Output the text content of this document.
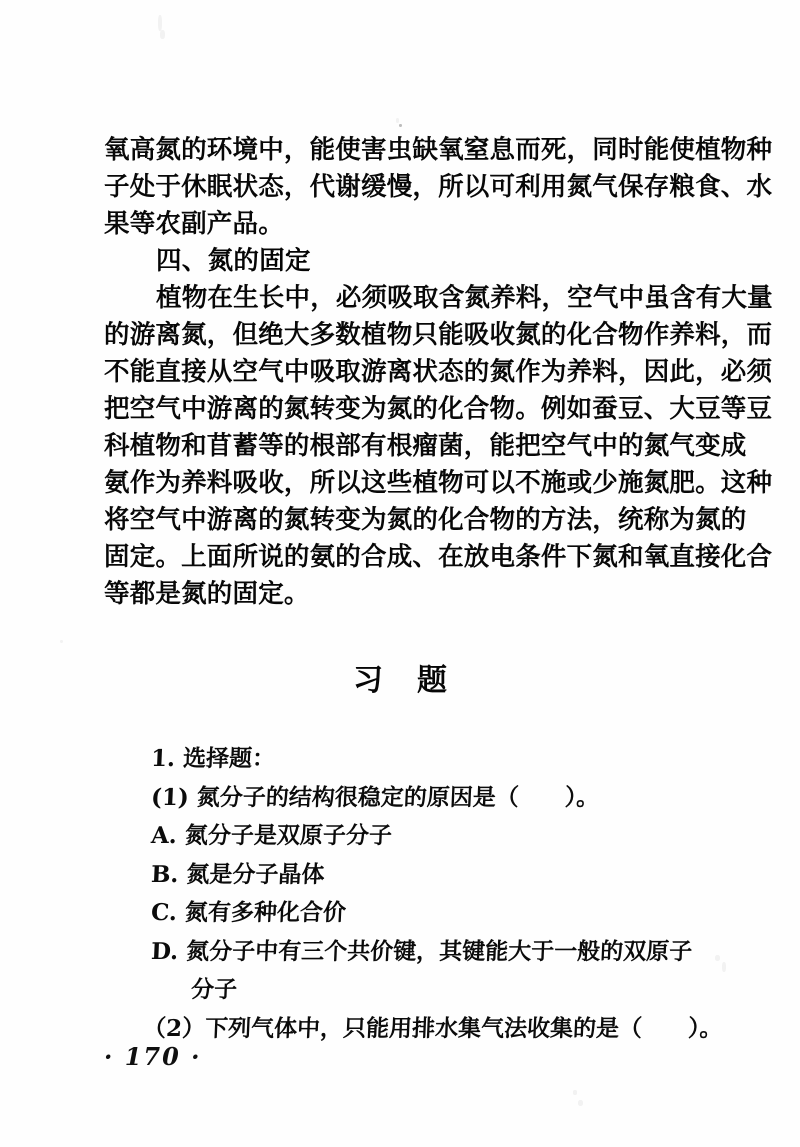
氧高氮的环境中，能使害虫缺氧窒息而死，同时能使植物种
子处于休眠状态，代谢缓慢，所以可利用氮气保存粮食、水
果等农副产品。
四、氮的固定
植物在生长中，必须吸取含氮养料，空气中虽含有大量
的游离氮，但绝大多数植物只能吸收氮的化合物作养料，而
不能直接从空气中吸取游离状态的氮作为养料，因此，必须
把空气中游离的氮转变为氮的化合物。例如蚕豆、大豆等豆
科植物和苜蓄等的根部有根瘤菌，能把空气中的氮气变成
氨作为养料吸收，所以这些植物可以不施或少施氮肥。这种
将空气中游离的氮转变为氮的化合物的方法，统称为氮的
固定。上面所说的氨的合成、在放电条件下氮和氧直接化合
等都是氮的固定。
习题
1. 选择题：
(1) 氮分子的结构很稳定的原因是（　　）。
A. 氮分子是双原子分子
B. 氮是分子晶体
C. 氮有多种化合价
D. 氮分子中有三个共价键，其键能大于一般的双原子
分子
（2）下列气体中，只能用排水集气法收集的是（　　）。
· 170 ·
